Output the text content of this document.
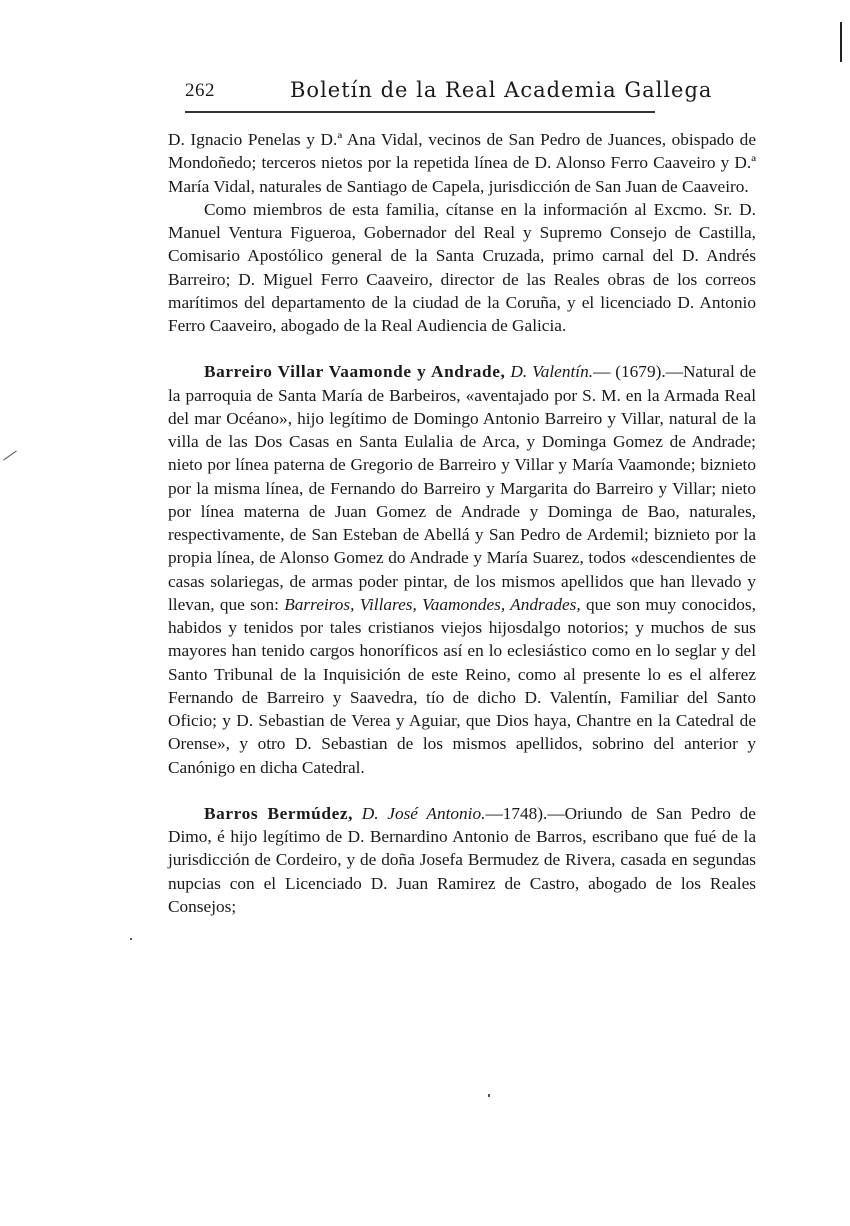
262	Boletín de la Real Academia Gallega

D. Ignacio Penelas y D.ª Ana Vidal, vecinos de San Pedro de Juances, obispado de Mondoñedo; terceros nietos por la repetida línea de D. Alonso Ferro Caaveiro y D.ª María Vidal, naturales de Santiago de Capela, jurisdicción de San Juan de Caaveiro.

Como miembros de esta familia, cítanse en la información al Excmo. Sr. D. Manuel Ventura Figueroa, Gobernador del Real y Supremo Consejo de Castilla, Comisario Apostólico general de la Santa Cruzada, primo carnal del D. Andrés Barreiro; D. Miguel Ferro Caaveiro, director de las Reales obras de los correos marítimos del departamento de la ciudad de la Coruña, y el licenciado D. Antonio Ferro Caaveiro, abogado de la Real Audiencia de Galicia.

Barreiro Villar Vaamonde y Andrade, D. Valentín.— (1679).—Natural de la parroquia de Santa María de Barbeiros, «aventajado por S. M. en la Armada Real del mar Océano», hijo legítimo de Domingo Antonio Barreiro y Villar, natural de la villa de las Dos Casas en Santa Eulalia de Arca, y Dominga Gomez de Andrade; nieto por línea paterna de Gregorio de Barreiro y Villar y María Vaamonde; biznieto por la misma línea, de Fernando do Barreiro y Margarita do Barreiro y Villar; nieto por línea materna de Juan Gomez de Andrade y Dominga de Bao, naturales, respectivamente, de San Esteban de Abellá y San Pedro de Ardemil; biznieto por la propia línea, de Alonso Gomez do Andrade y María Suarez, todos «descendientes de casas solariegas, de armas poder pintar, de los mismos apellidos que han llevado y llevan, que son: Barreiros, Villares, Vaamondes, Andrades, que son muy conocidos, habidos y tenidos por tales cristianos viejos hijosdalgo notorios; y muchos de sus mayores han tenido cargos honoríficos así en lo eclesiástico como en lo seglar y del Santo Tribunal de la Inquisición de este Reino, como al presente lo es el alferez Fernando de Barreiro y Saavedra, tío de dicho D. Valentín, Familiar del Santo Oficio; y D. Sebastian de Verea y Aguiar, que Dios haya, Chantre en la Catedral de Orense», y otro D. Sebastian de los mismos apellidos, sobrino del anterior y Canónigo en dicha Catedral.

Barros Bermúdez, D. José Antonio.—1748).—Oriundo de San Pedro de Dimo, é hijo legítimo de D. Bernardino Antonio de Barros, escribano que fué de la jurisdicción de Cordeiro, y de doña Josefa Bermudez de Rivera, casada en segundas nupcias con el Licenciado D. Juan Ramirez de Castro, abogado de los Reales Consejos;
